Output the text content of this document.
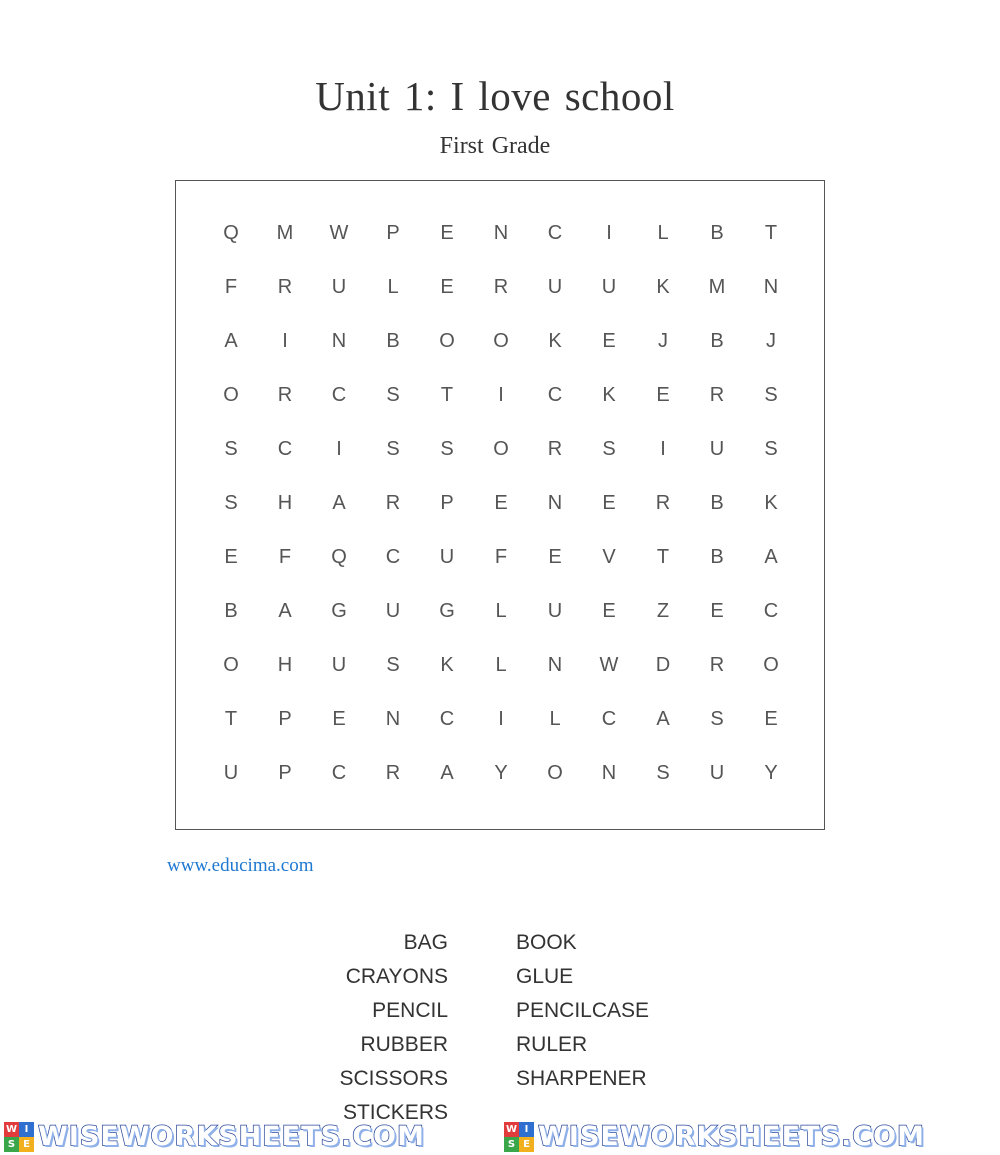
Unit 1: I love school
First Grade
Q	M	W	P	E	N	C	I	L	B	T
F	R	U	L	E	R	U	U	K	M	N
A	I	N	B	O	O	K	E	J	B	J
O	R	C	S	T	I	C	K	E	R	S
S	C	I	S	S	O	R	S	I	U	S
S	H	A	R	P	E	N	E	R	B	K
E	F	Q	C	U	F	E	V	T	B	A
B	A	G	U	G	L	U	E	Z	E	C
O	H	U	S	K	L	N	W	D	R	O
T	P	E	N	C	I	L	C	A	S	E
U	P	C	R	A	Y	O	N	S	U	Y
www.educima.com
BAG
CRAYONS
PENCIL
RUBBER
SCISSORS
STICKERS
BOOK
GLUE
PENCILCASE
RULER
SHARPENER
W I
S E WISEWORKSHEETS.COM	W I
S E WISEWORKSHEETS.COM
